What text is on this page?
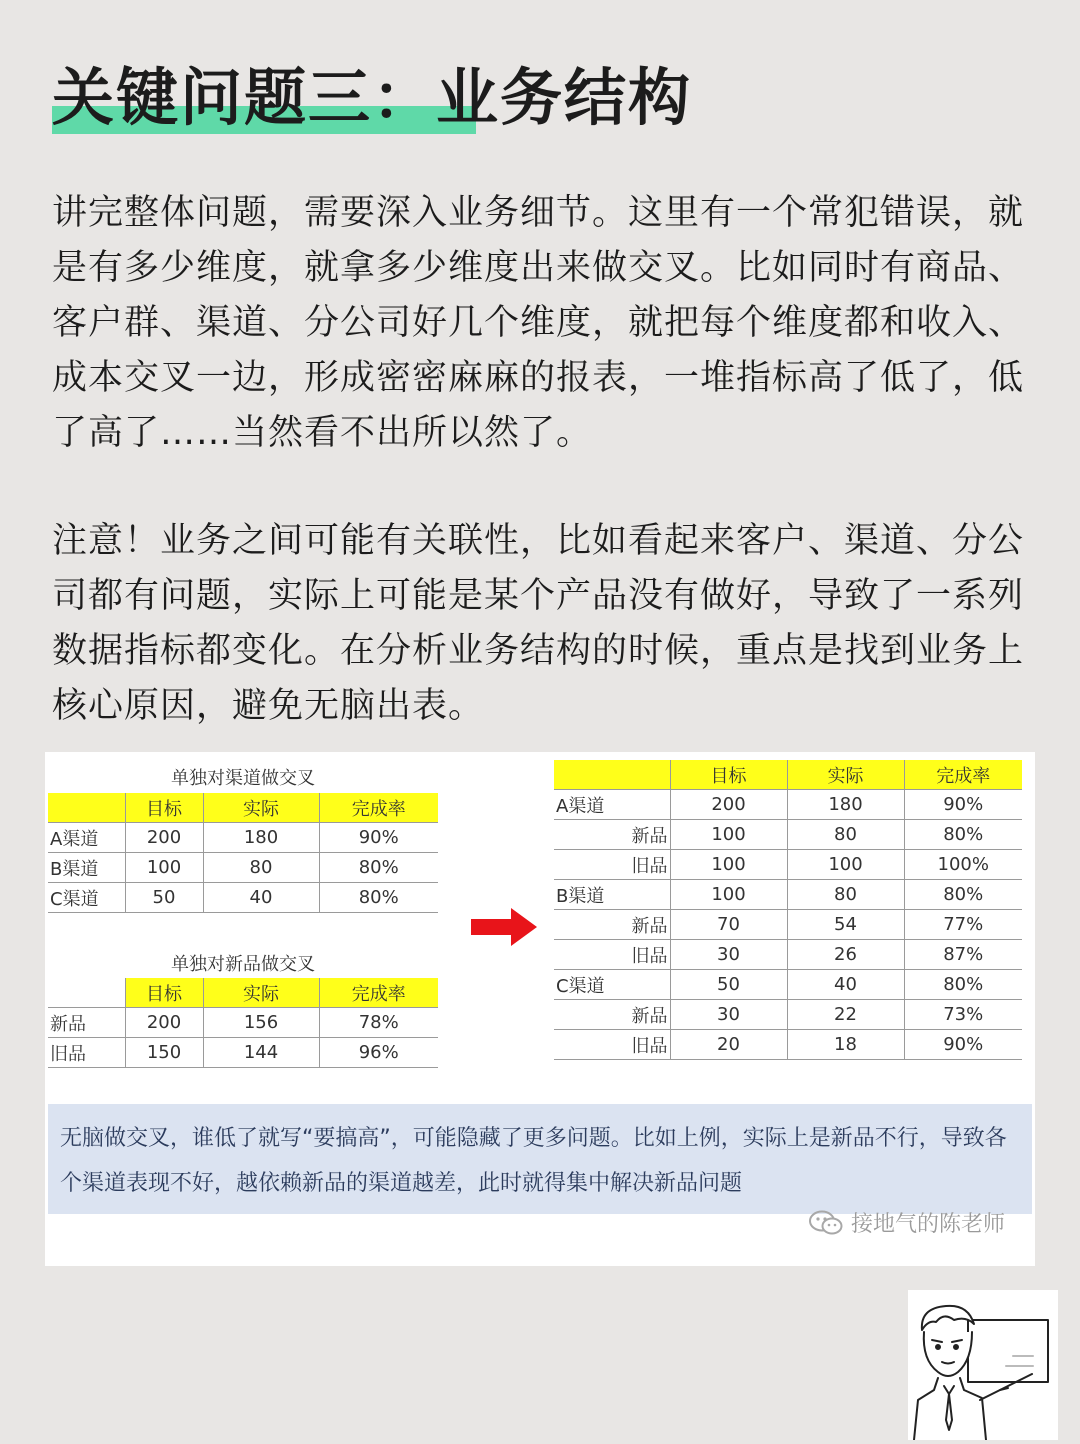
关键问题三：业务结构

讲完整体问题，需要深入业务细节。这里有一个常犯错误，就是有多少维度，就拿多少维度出来做交叉。比如同时有商品、客户群、渠道、分公司好几个维度，就把每个维度都和收入、成本交叉一边，形成密密麻麻的报表，一堆指标高了低了，低了高了……当然看不出所以然了。

注意！业务之间可能有关联性，比如看起来客户、渠道、分公司都有问题，实际上可能是某个产品没有做好，导致了一系列数据指标都变化。在分析业务结构的时候，重点是找到业务上核心原因，避免无脑出表。

单独对渠道做交叉
	目标	实际	完成率
A渠道	200	180	90%
B渠道	100	80	80%
C渠道	50	40	80%
单独对新品做交叉
	目标	实际	完成率
新品	200	156	78%
旧品	150	144	96%
	目标	实际	完成率
A渠道	200	180	90%
新品	100	80	80%
旧品	100	100	100%
B渠道	100	80	80%
新品	70	54	77%
旧品	30	26	87%
C渠道	50	40	80%
新品	30	22	73%
旧品	20	18	90%

无脑做交叉，谁低了就写“要搞高”，可能隐藏了更多问题。比如上例，实际上是新品不行，导致各个渠道表现不好，越依赖新品的渠道越差，此时就得集中解决新品问题

接地气的陈老师
